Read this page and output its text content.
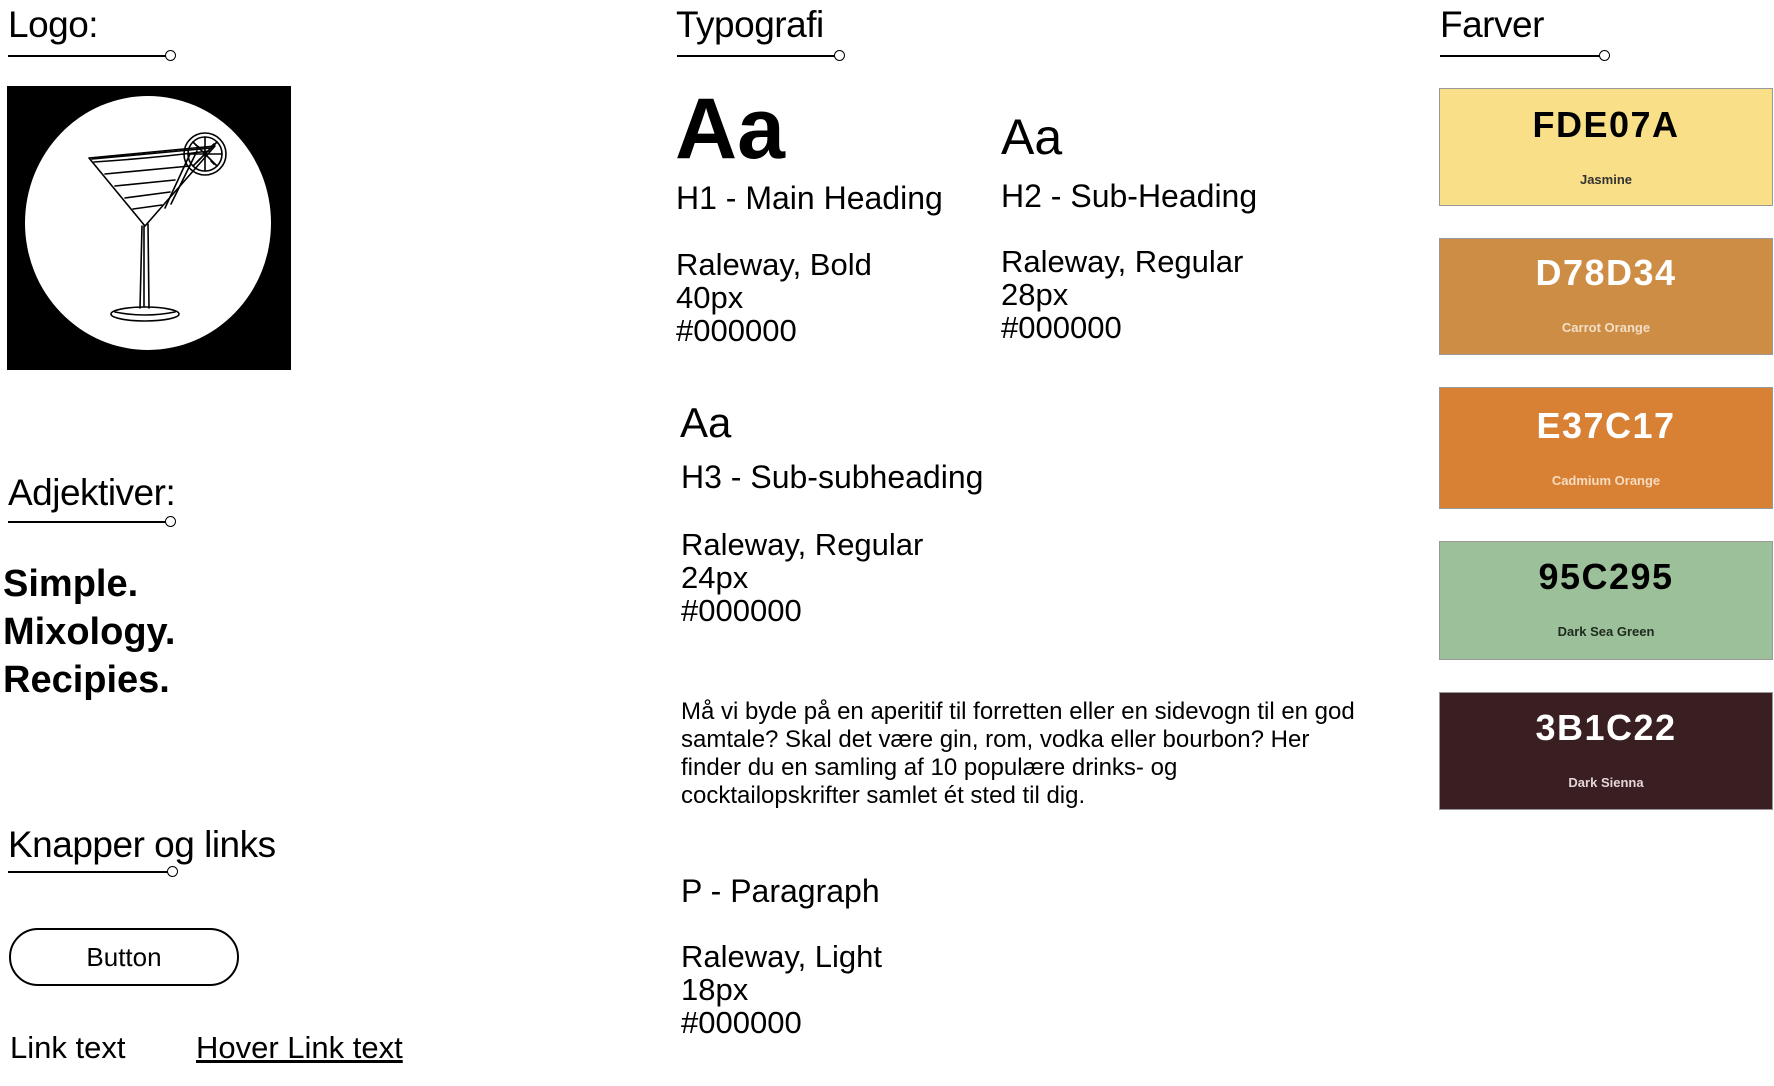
Logo:
Adjektiver:
Simple.
Mixology.
Recipies.
Knapper og links
Button
Link text Hover Link text
Typografi
Aa
H1 - Main Heading
Raleway, Bold
40px
#000000
Aa
H2 - Sub-Heading
Raleway, Regular
28px
#000000
Aa
H3 - Sub-subheading
Raleway, Regular
24px
#000000
Må vi byde på en aperitif til forretten eller en sidevogn til en god samtale? Skal det være gin, rom, vodka eller bourbon? Her finder du en samling af 10 populære drinks- og cocktailopskrifter samlet ét sted til dig.
P - Paragraph
Raleway, Light
18px
#000000
Farver
FDE07A
Jasmine
D78D34
Carrot Orange
E37C17
Cadmium Orange
95C295
Dark Sea Green
3B1C22
Dark Sienna
